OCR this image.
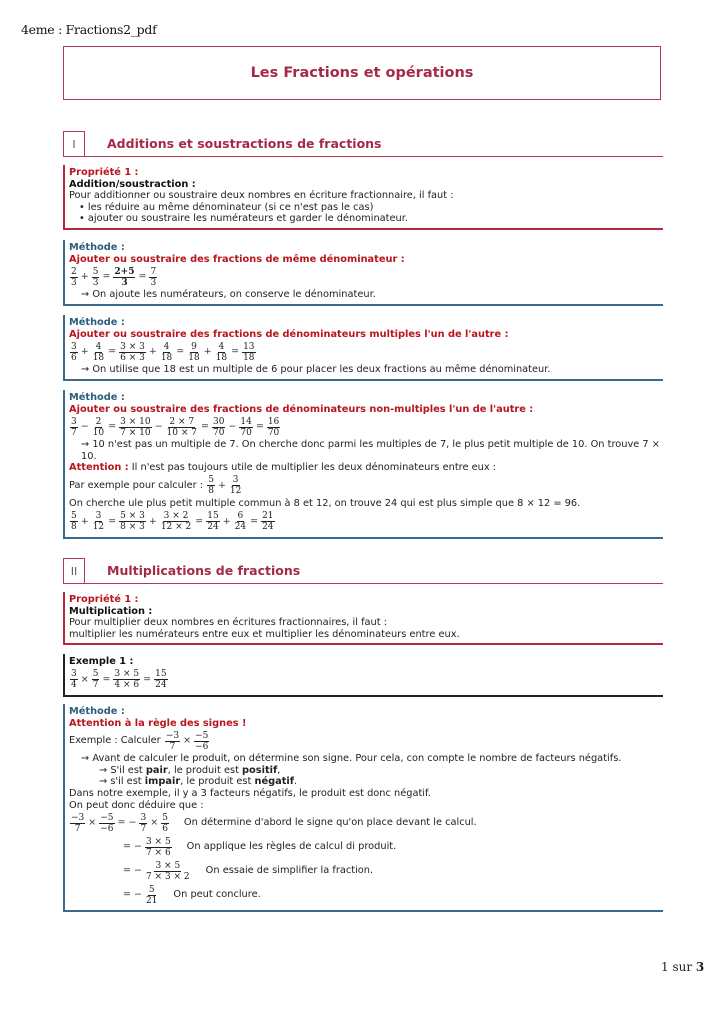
4eme : Fractions2_pdf
Les Fractions et opérations
I	Additions et soustractions de fractions
Propriété 1 :
Addition/soustraction :
Pour additionner ou soustraire deux nombres en écriture fractionnaire, il faut :
• les réduire au même dénominateur (si ce n'est pas le cas)
• ajouter ou soustraire les numérateurs et garder le dénominateur.
Méthode :
Ajouter ou soustraire des fractions de même dénominateur :
$\frac{2}{3} + \frac{5}{3} = \frac{2+5}{3} = \frac{7}{3}$
→ On ajoute les numérateurs, on conserve le dénominateur.
Méthode :
Ajouter ou soustraire des fractions de dénominateurs multiples l'un de l'autre :
$\frac{3}{6} + \frac{4}{18} = \frac{3 \times 3}{6 \times 3} + \frac{4}{18} = \frac{9}{18} + \frac{4}{18} = \frac{13}{18}$
→ On utilise que 18 est un multiple de 6 pour placer les deux fractions au même dénominateur.
Méthode :
Ajouter ou soustraire des fractions de dénominateurs non-multiples l'un de l'autre :
$\frac{3}{7} - \frac{2}{10} = \frac{3 \times 10}{7 \times 10} - \frac{2 \times 7}{10 \times 7} = \frac{30}{70} - \frac{14}{70} = \frac{16}{70}$
→ 10 n'est pas un multiple de 7. On cherche donc parmi les multiples de 7, le plus petit multiple de 10. On trouve 7 × 10.
Attention : Il n'est pas toujours utile de multiplier les deux dénominateurs entre eux :
Par exemple pour calculer :
$\frac{5}{8} + \frac{3}{12}$
On cherche ule plus petit multiple commun à 8 et 12, on trouve 24 qui est plus simple que 8 × 12 = 96.
$\frac{5}{8} + \frac{3}{12} = \frac{5 \times 3}{8 \times 3} + \frac{3 \times 2}{12 \times 2} = \frac{15}{24} + \frac{6}{24} = \frac{21}{24}$
II	Multiplications de fractions
Propriété 1 :
Multiplication :
Pour multiplier deux nombres en écritures fractionnaires, il faut :
multiplier les numérateurs entre eux et multiplier les dénominateurs entre eux.
Exemple 1 :
$\frac{3}{4} \times \frac{5}{7} = \frac{3 \times 5}{4 \times 6} = \frac{15}{24}$
Méthode :
Attention à la règle des signes !
Exemple : Calculer
$\frac{-3}{7} \times \frac{-5}{-6}$
→ Avant de calculer le produit, on détermine son signe. Pour cela, con compte le nombre de facteurs négatifs.
→ S'il est pair, le produit est positif,
→ s'il est impair, le produit est négatif.
Dans notre exemple, il y a 3 facteurs négatifs, le produit est donc négatif.
On peut donc déduire que :
$\frac{-3}{7} \times \frac{-5}{-6}$ = − $\frac{3}{7} \times \frac{5}{6}$ On détermine d'abord le signe qu'on place devant le calcul.
= − $\frac{3 \times 5}{7 \times 6}$ On applique les règles de calcul di produit.
= − $\frac{3 \times 5}{7 \times 3 \times 2}$ On essaie de simplifier la fraction.
= − $\frac{5}{21}$ On peut conclure.
1 sur 3
